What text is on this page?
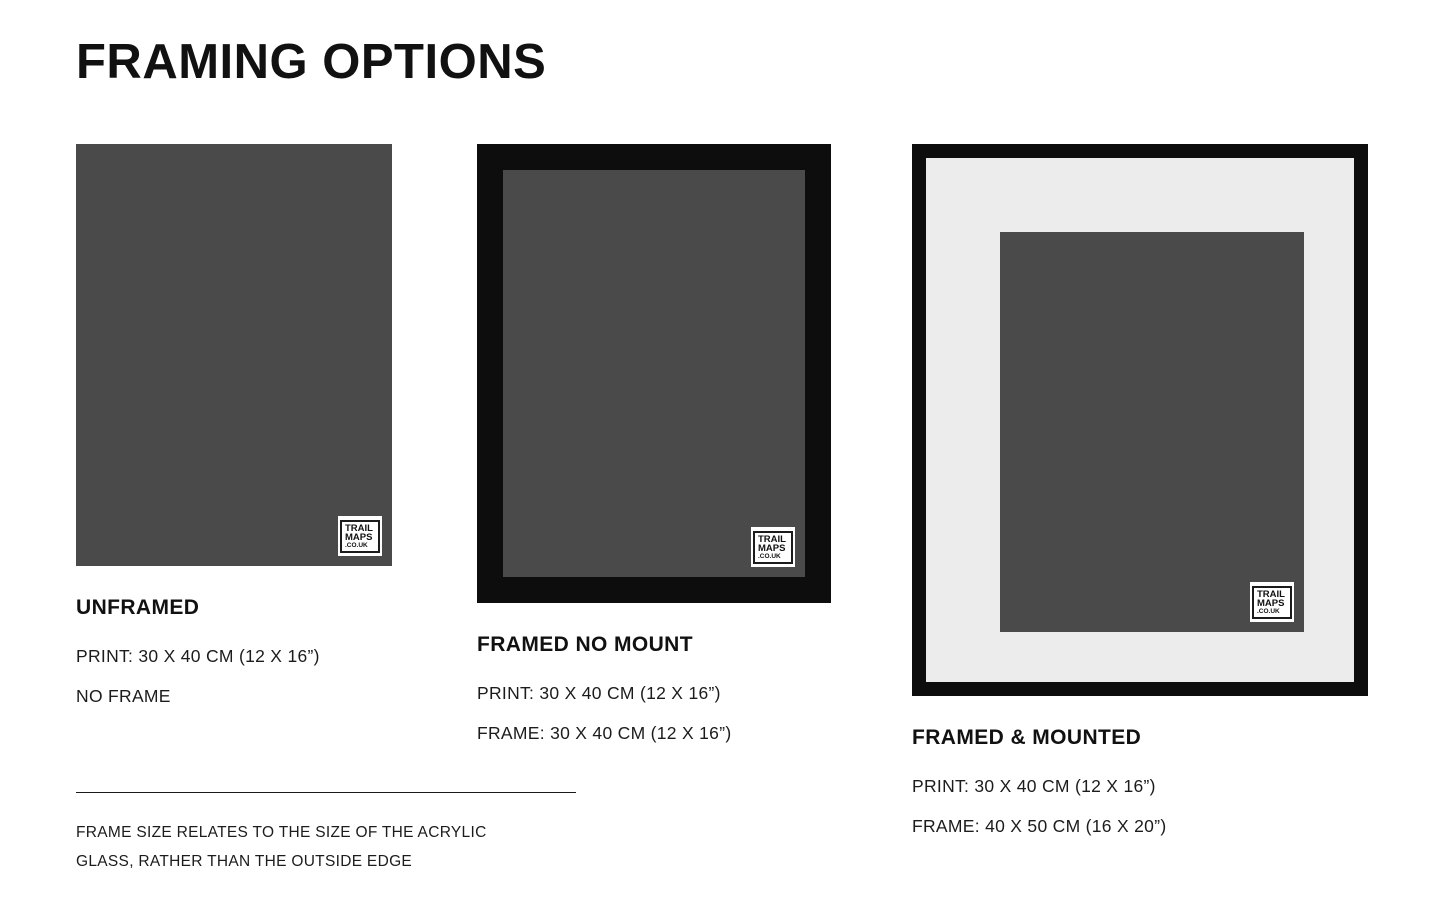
FRAMING OPTIONS
TRAIL
MAPS
.CO.UK
UNFRAMED
PRINT: 30 X 40 CM (12 X 16”)
NO FRAME
TRAIL
MAPS
.CO.UK
FRAMED NO MOUNT
PRINT: 30 X 40 CM (12 X 16”)
FRAME: 30 X 40 CM (12 X 16”)
TRAIL
MAPS
.CO.UK
FRAMED & MOUNTED
PRINT: 30 X 40 CM (12 X 16”)
FRAME: 40 X 50 CM (16 X 20”)
FRAME SIZE RELATES TO THE SIZE OF THE ACRYLIC
GLASS, RATHER THAN THE OUTSIDE EDGE
